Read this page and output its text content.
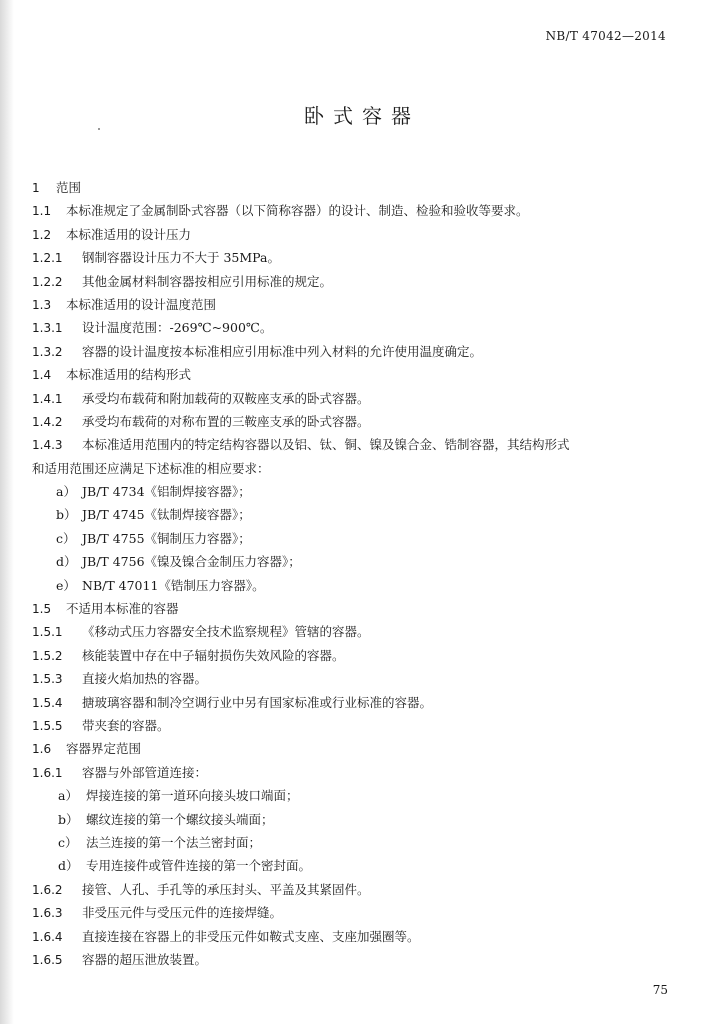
NB/T 47042—2014
卧式容器
1 范围
1.1 本标准规定了金属制卧式容器（以下简称容器）的设计、制造、检验和验收等要求。
1.2 本标准适用的设计压力
1.2.1 钢制容器设计压力不大于 35MPa。
1.2.2 其他金属材料制容器按相应引用标准的规定。
1.3 本标准适用的设计温度范围
1.3.1 设计温度范围：-269℃~900℃。
1.3.2 容器的设计温度按本标准相应引用标准中列入材料的允许使用温度确定。
1.4 本标准适用的结构形式
1.4.1 承受均布载荷和附加载荷的双鞍座支承的卧式容器。
1.4.2 承受均布载荷的对称布置的三鞍座支承的卧式容器。
1.4.3 本标准适用范围内的特定结构容器以及铝、钛、铜、镍及镍合金、锆制容器，其结构形式
和适用范围还应满足下述标准的相应要求：
a） JB/T 4734《铝制焊接容器》；
b） JB/T 4745《钛制焊接容器》；
c） JB/T 4755《铜制压力容器》；
d） JB/T 4756《镍及镍合金制压力容器》；
e） NB/T 47011《锆制压力容器》。
1.5 不适用本标准的容器
1.5.1 《移动式压力容器安全技术监察规程》管辖的容器。
1.5.2 核能装置中存在中子辐射损伤失效风险的容器。
1.5.3 直接火焰加热的容器。
1.5.4 搪玻璃容器和制冷空调行业中另有国家标准或行业标准的容器。
1.5.5 带夹套的容器。
1.6 容器界定范围
1.6.1 容器与外部管道连接：
a） 焊接连接的第一道环向接头坡口端面；
b） 螺纹连接的第一个螺纹接头端面；
c） 法兰连接的第一个法兰密封面；
d） 专用连接件或管件连接的第一个密封面。
1.6.2 接管、人孔、手孔等的承压封头、平盖及其紧固件。
1.6.3 非受压元件与受压元件的连接焊缝。
1.6.4 直接连接在容器上的非受压元件如鞍式支座、支座加强圈等。
1.6.5 容器的超压泄放装置。
75
